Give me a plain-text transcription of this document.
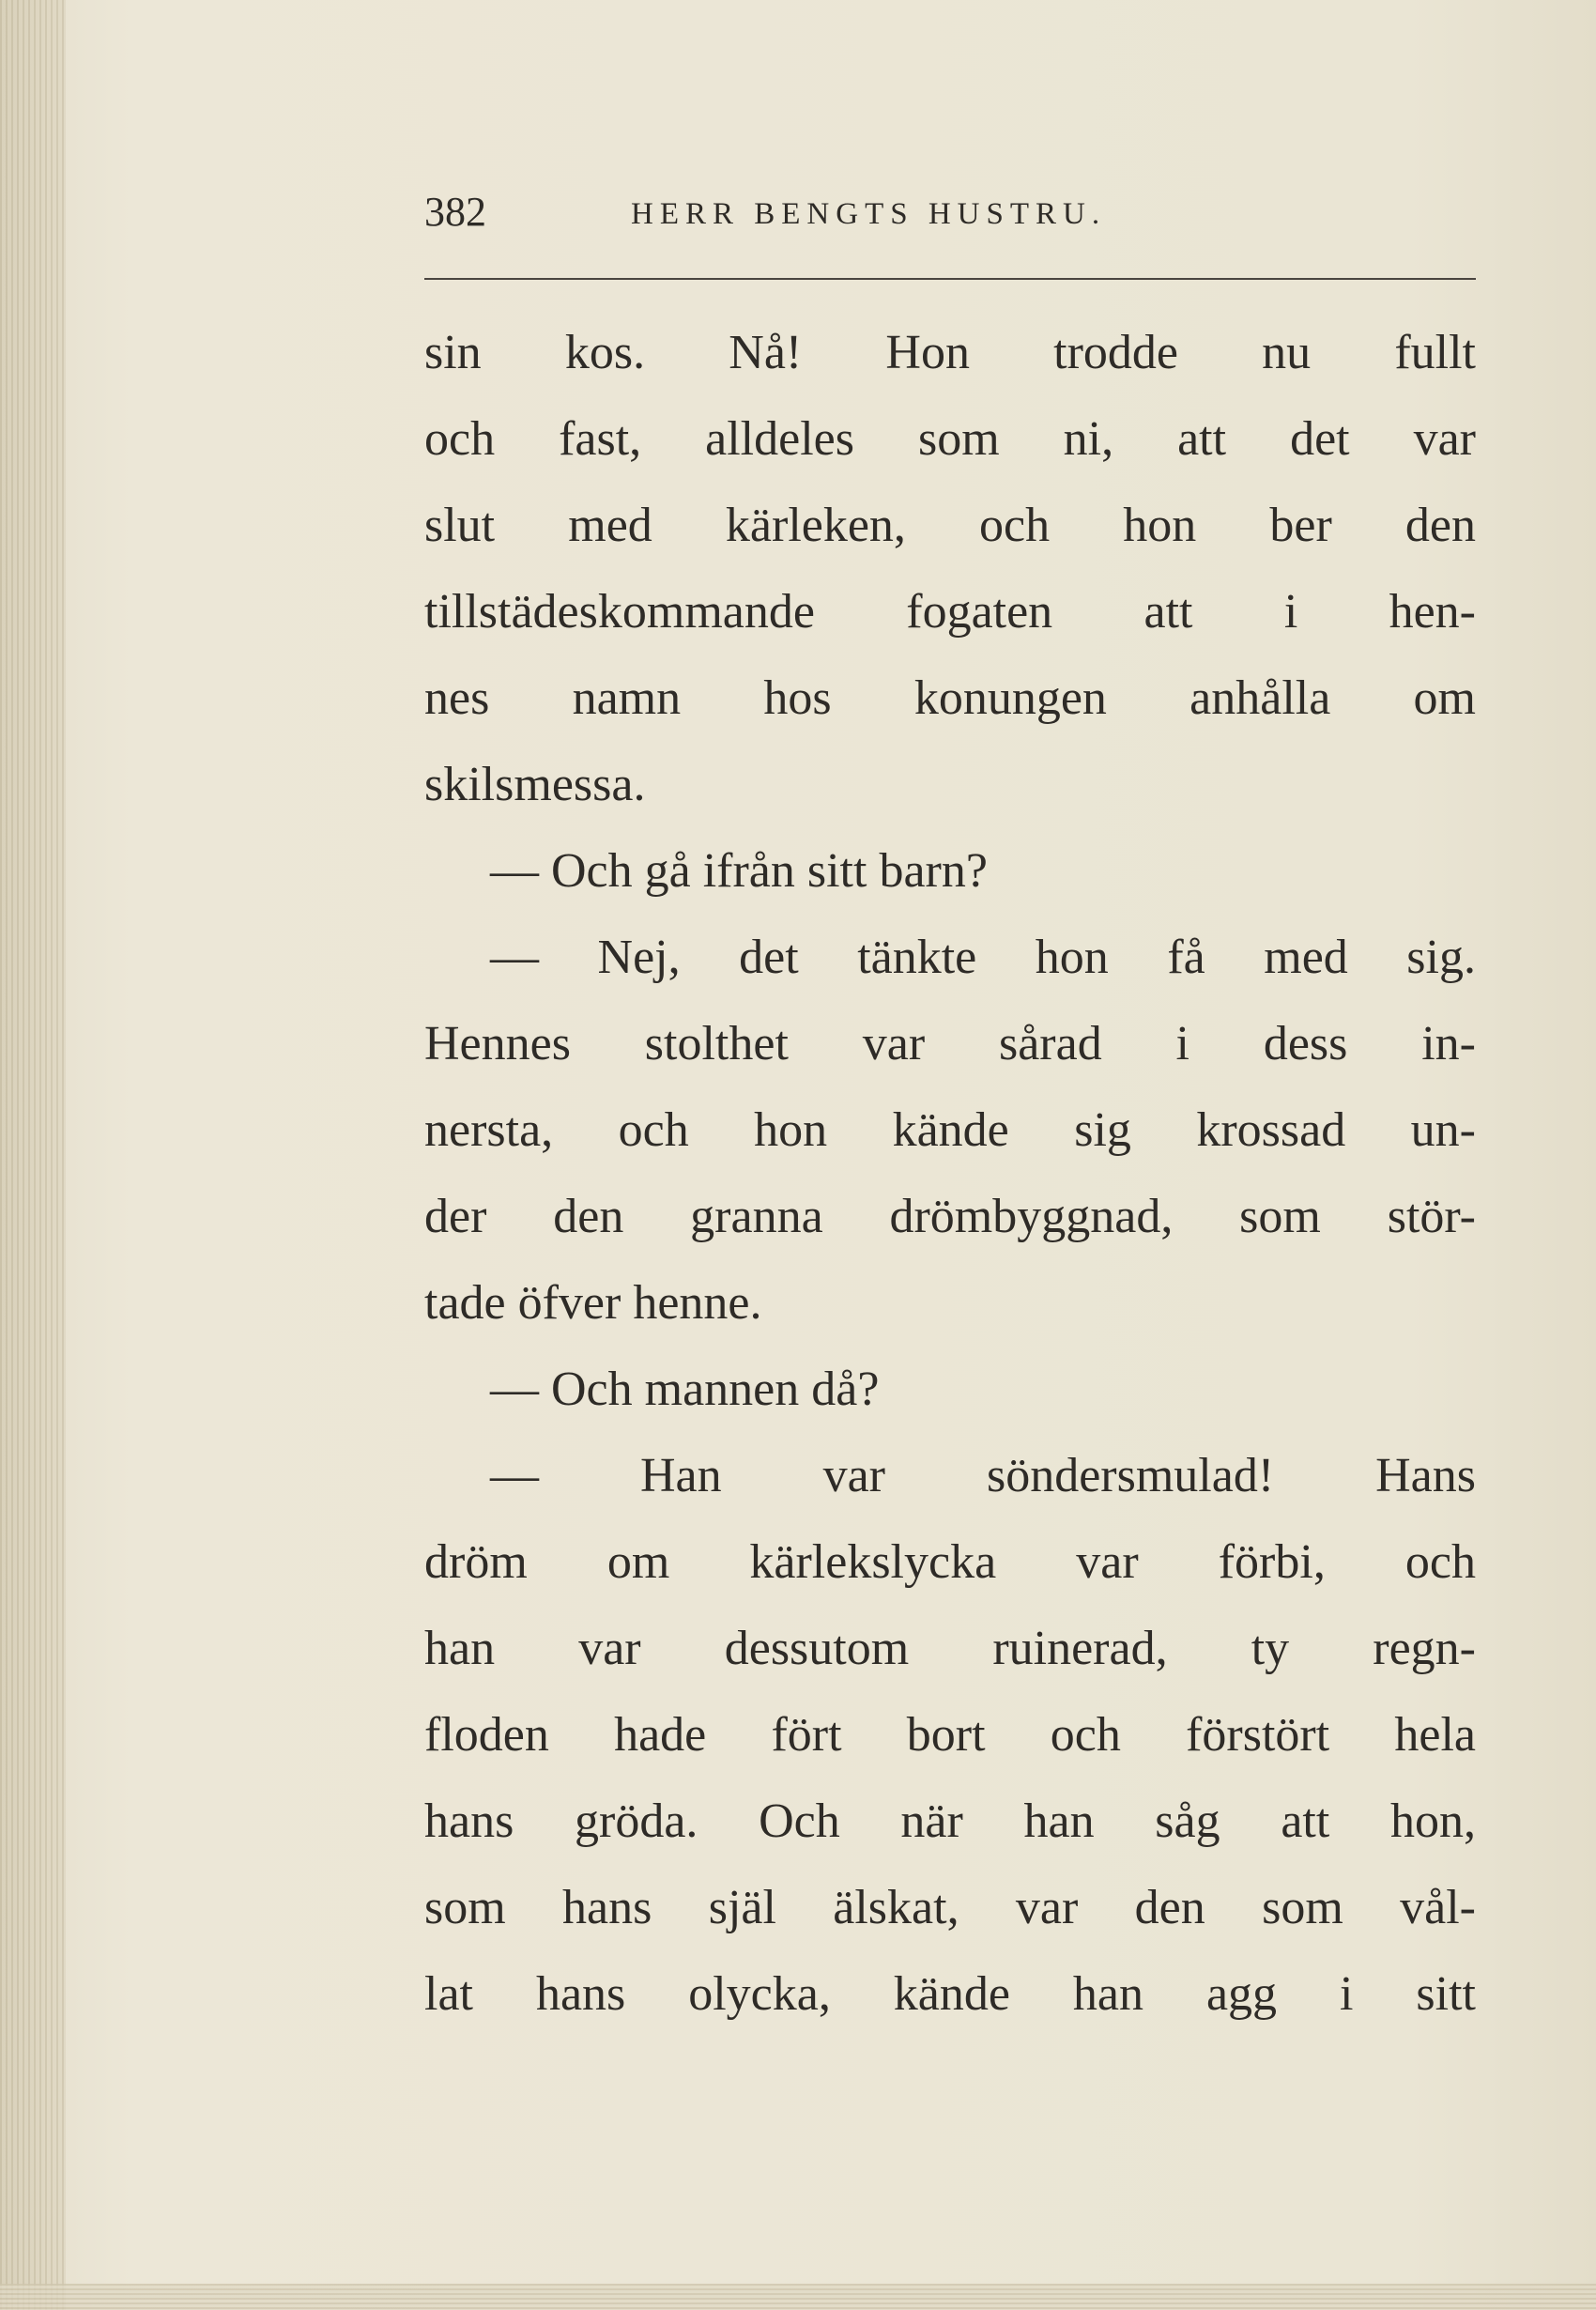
382	HERR BENGTS HUSTRU.
sin kos. Nå! Hon trodde nu fullt
och fast, alldeles som ni, att det var
slut med kärleken, och hon ber den
tillstädeskommande fogaten att i hen-
nes namn hos konungen anhålla om
skilsmessa.
— Och gå ifrån sitt barn?
— Nej, det tänkte hon få med sig.
Hennes stolthet var sårad i dess in-
nersta, och hon kände sig krossad un-
der den granna drömbyggnad, som stör-
tade öfver henne.
— Och mannen då?
— Han var söndersmulad! Hans
dröm om kärlekslycka var förbi, och
han var dessutom ruinerad, ty regn-
floden hade fört bort och förstört hela
hans gröda. Och när han såg att hon,
som hans själ älskat, var den som vål-
lat hans olycka, kände han agg i sitt
